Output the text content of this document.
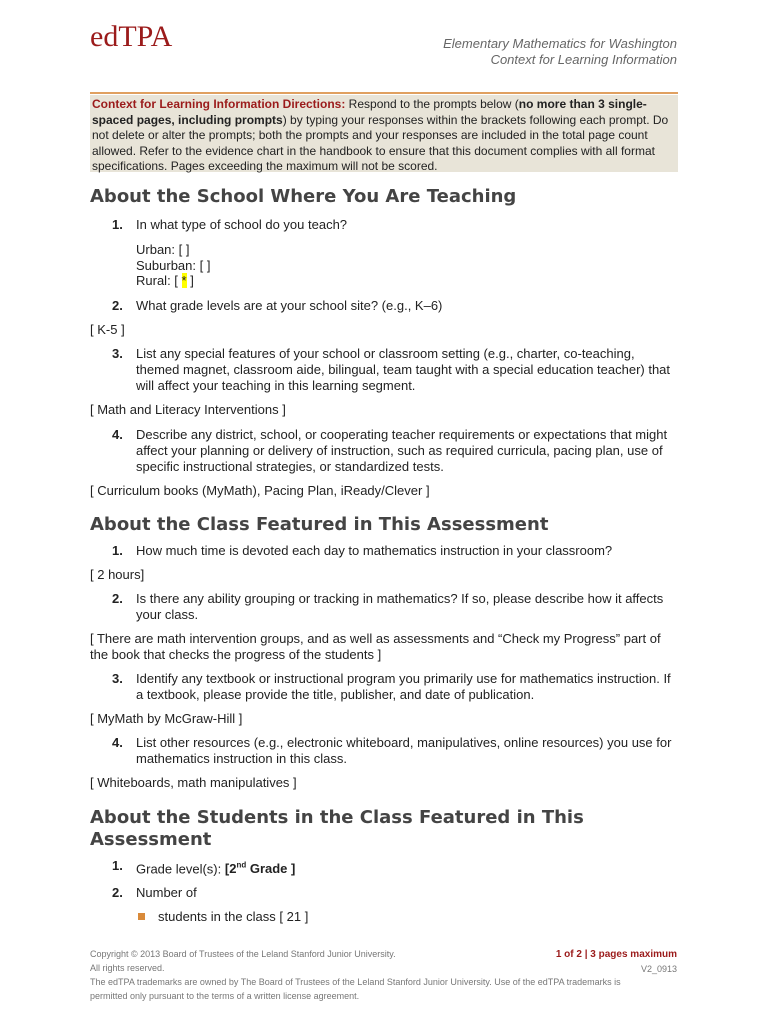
edTPA	Elementary Mathematics for Washington
Context for Learning Information
Context for Learning Information Directions: Respond to the prompts below (no more than 3 single-spaced pages, including prompts) by typing your responses within the brackets following each prompt. Do not delete or alter the prompts; both the prompts and your responses are included in the total page count allowed. Refer to the evidence chart in the handbook to ensure that this document complies with all format specifications. Pages exceeding the maximum will not be scored.
About the School Where You Are Teaching
1. In what type of school do you teach?
Urban: [ ]
Suburban: [ ]
Rural: [ * ]
2. What grade levels are at your school site? (e.g., K–6)
[ K-5 ]
3. List any special features of your school or classroom setting (e.g., charter, co-teaching, themed magnet, classroom aide, bilingual, team taught with a special education teacher) that will affect your teaching in this learning segment.
[ Math and Literacy Interventions ]
4. Describe any district, school, or cooperating teacher requirements or expectations that might affect your planning or delivery of instruction, such as required curricula, pacing plan, use of specific instructional strategies, or standardized tests.
[ Curriculum books (MyMath), Pacing Plan, iReady/Clever ]
About the Class Featured in This Assessment
1. How much time is devoted each day to mathematics instruction in your classroom?
[ 2 hours]
2. Is there any ability grouping or tracking in mathematics? If so, please describe how it affects your class.
[ There are math intervention groups, and as well as assessments and “Check my Progress” part of the book that checks the progress of the students ]
3. Identify any textbook or instructional program you primarily use for mathematics instruction. If a textbook, please provide the title, publisher, and date of publication.
[ MyMath by McGraw-Hill ]
4. List other resources (e.g., electronic whiteboard, manipulatives, online resources) you use for mathematics instruction in this class.
[ Whiteboards, math manipulatives ]
About the Students in the Class Featured in This Assessment
1. Grade level(s): [2nd Grade ]
2. Number of
students in the class [ 21 ]
Copyright © 2013 Board of Trustees of the Leland Stanford Junior University.
All rights reserved.
The edTPA trademarks are owned by The Board of Trustees of the Leland Stanford Junior University. Use of the edTPA trademarks is permitted only pursuant to the terms of a written license agreement.
1 of 2 | 3 pages maximum
V2_0913
